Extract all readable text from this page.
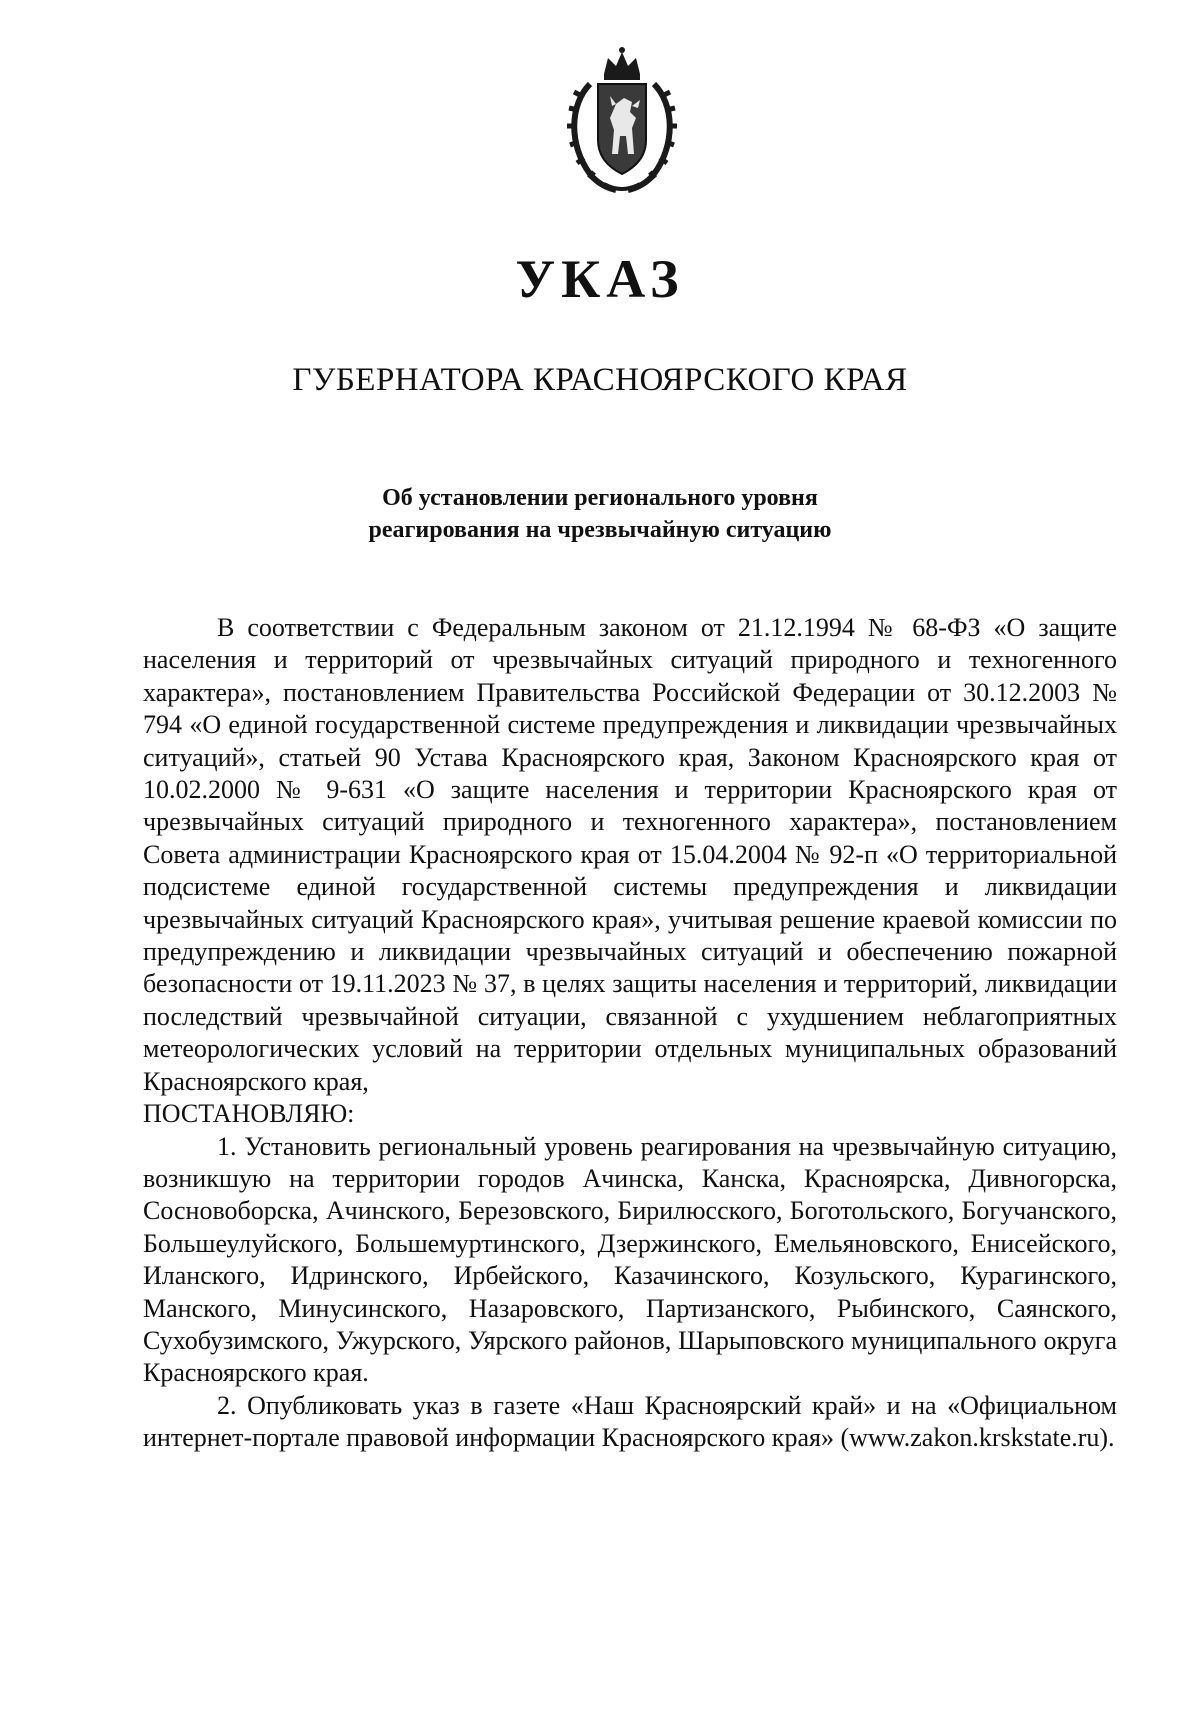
УКАЗ
ГУБЕРНАТОРА КРАСНОЯРСКОГО КРАЯ
Об установлении регионального уровня
реагирования на чрезвычайную ситуацию

В соответствии с Федеральным законом от 21.12.1994 № 68-ФЗ «О защите населения и территорий от чрезвычайных ситуаций природного и техногенного характера», постановлением Правительства Российской Федерации от 30.12.2003 № 794 «О единой государственной системе предупреждения и ликвидации чрезвычайных ситуаций», статьей 90 Устава Красноярского края, Законом Красноярского края от 10.02.2000 № 9-631 «О защите населения и территории Красноярского края от чрезвычайных ситуаций природного и техногенного характера», постановлением Совета администрации Красноярского края от 15.04.2004 № 92-п «О территориальной подсистеме единой государственной системы предупреждения и ликвидации чрезвычайных ситуаций Красноярского края», учитывая решение краевой комиссии по предупреждению и ликвидации чрезвычайных ситуаций и обеспечению пожарной безопасности от 19.11.2023 № 37, в целях защиты населения и территорий, ликвидации последствий чрезвычайной ситуации, связанной с ухудшением неблагоприятных метеорологических условий на территории отдельных муниципальных образований Красноярского края,

ПОСТАНОВЛЯЮ:

1. Установить региональный уровень реагирования на чрезвычайную ситуацию, возникшую на территории городов Ачинска, Канска, Красноярска, Дивногорска, Сосновоборска, Ачинского, Березовского, Бирилюсского, Боготольского, Богучанского, Большеулуйского, Большемуртинского, Дзержинского, Емельяновского, Енисейского, Иланского, Идринского, Ирбейского, Казачинского, Козульского, Курагинского, Манского, Минусинского, Назаровского, Партизанского, Рыбинского, Саянского, Сухобузимского, Ужурского, Уярского районов, Шарыповского муниципального округа Красноярского края.

2. Опубликовать указ в газете «Наш Красноярский край» и на «Официальном интернет-портале правовой информации Красноярского края» (www.zakon.krskstate.ru).
